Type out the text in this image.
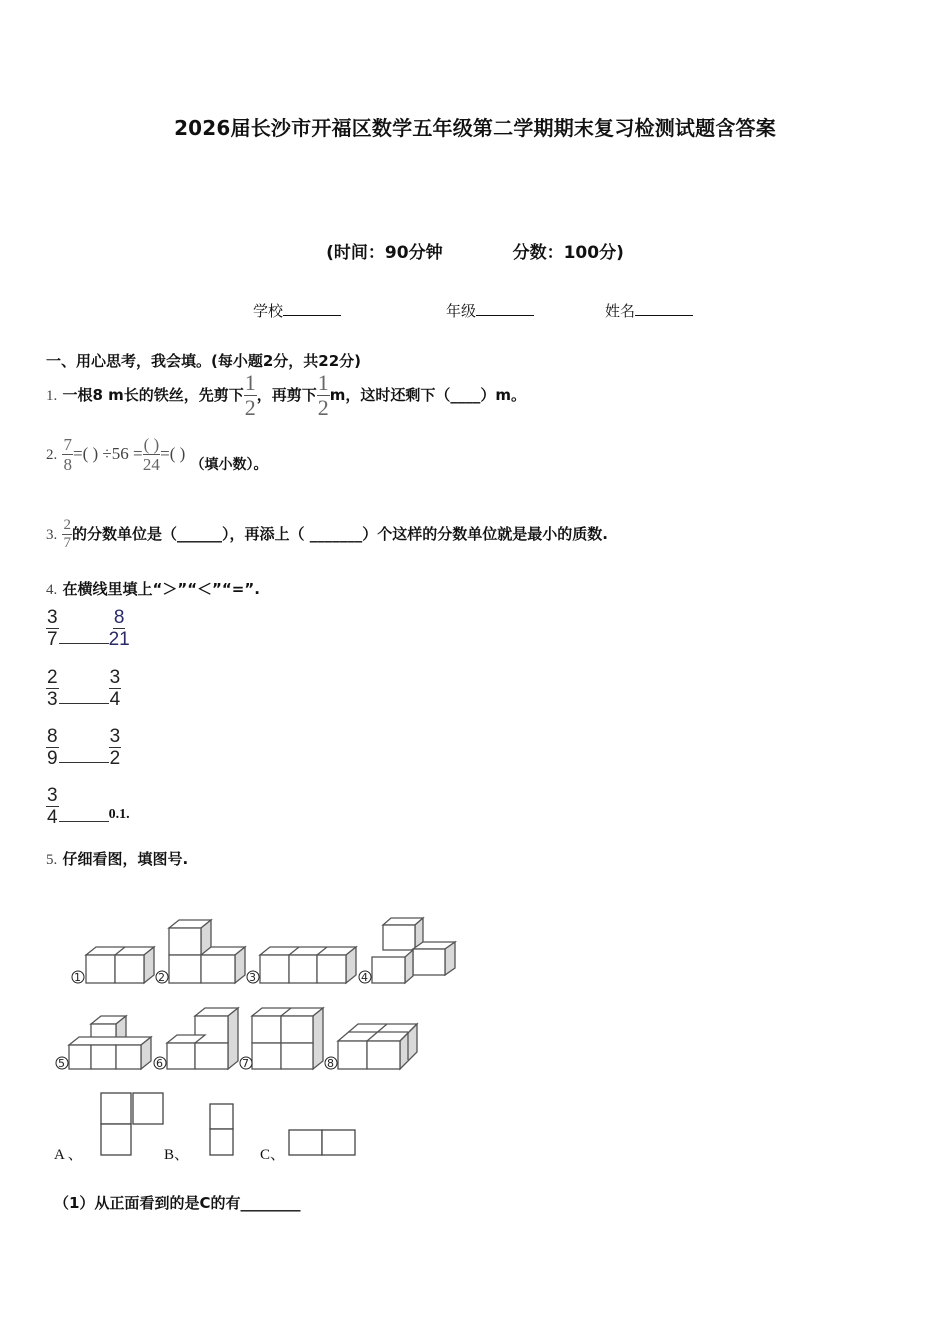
2026届长沙市开福区数学五年级第二学期期末复习检测试题含答案
(时间：90分钟	分数：100分)
学校	年级	姓名
一、用心思考，我会填。(每小题2分，共22分)
1. 一根8 m长的铁丝，先剪下 $\frac{1}{2}$ ，再剪下 $\frac{1}{2}$ m，这时还剩下（____）m。
2. $\frac{7}{8}$ =( ) $\div 56 = \frac{( )}{24}$ =( ) （填小数）。
3. $\frac{2}{7}$ 的分数单位是（______），再添上（ _______）个这样的分数单位就是最小的质数.
4. 在横线里填上“＞”“＜”“=”.
$\frac{3}{7}$	$\frac{8}{21}$
$\frac{2}{3}$	$\frac{3}{4}$
$\frac{8}{9}$	$\frac{3}{2}$
$\frac{3}{4}$	0.1.
5. 仔细看图，填图号.
1	2	3	4
5	6	7	8
A 、	B、	C、
（1）从正面看到的是C的有________
